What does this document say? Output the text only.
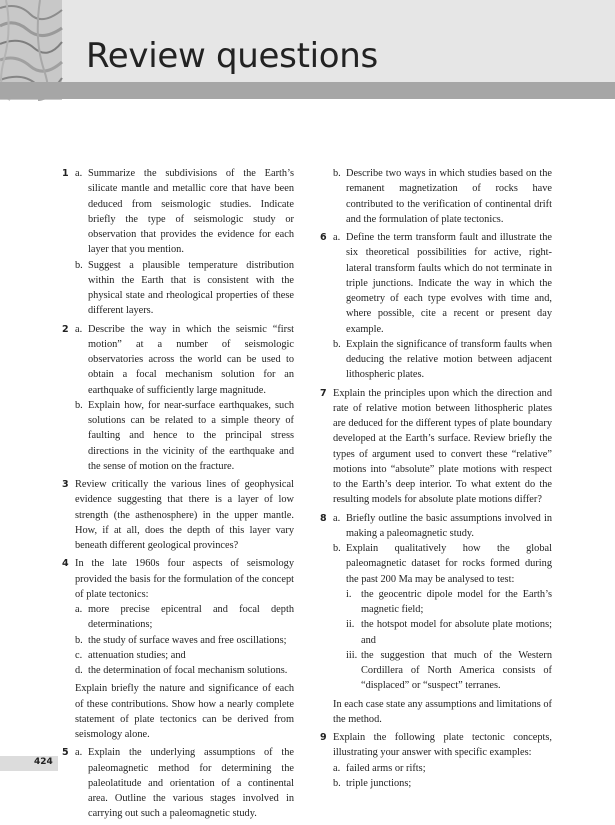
Review questions
1 a. Summarize the subdivisions of the Earth’s silicate mantle and metallic core that have been deduced from seismologic studies. Indicate briefly the type of seismologic study or observation that provides the evidence for each layer that you mention.
b. Suggest a plausible temperature distribution within the Earth that is consistent with the physical state and rheological properties of these different layers.
2 a. Describe the way in which the seismic “first motion” at a number of seismologic observatories across the world can be used to obtain a focal mechanism solution for an earthquake of sufficiently large magnitude.
b. Explain how, for near-surface earthquakes, such solutions can be related to a simple theory of faulting and hence to the principal stress directions in the vicinity of the earthquake and the sense of motion on the fracture.
3 Review critically the various lines of geophysical evidence suggesting that there is a layer of low strength (the asthenosphere) in the upper mantle. How, if at all, does the depth of this layer vary beneath different geological provinces?
4 In the late 1960s four aspects of seismology provided the basis for the formulation of the concept of plate tectonics:
a. more precise epicentral and focal depth determinations;
b. the study of surface waves and free oscillations;
c. attenuation studies; and
d. the determination of focal mechanism solutions.
Explain briefly the nature and significance of each of these contributions. Show how a nearly complete statement of plate tectonics can be derived from seismology alone.
5 a. Explain the underlying assumptions of the paleomagnetic method for determining the paleolatitude and orientation of a continental area. Outline the various stages involved in carrying out such a paleomagnetic study.
b. Describe two ways in which studies based on the remanent magnetization of rocks have contributed to the verification of continental drift and the formulation of plate tectonics.
6 a. Define the term transform fault and illustrate the six theoretical possibilities for active, right-lateral transform faults which do not terminate in triple junctions. Indicate the way in which the geometry of each type evolves with time and, where possible, cite a recent or present day example.
b. Explain the significance of transform faults when deducing the relative motion between adjacent lithospheric plates.
7 Explain the principles upon which the direction and rate of relative motion between lithospheric plates are deduced for the different types of plate boundary developed at the Earth’s surface. Review briefly the types of argument used to convert these “relative” motions into “absolute” plate motions with respect to the Earth’s deep interior. To what extent do the resulting models for absolute plate motions differ?
8 a. Briefly outline the basic assumptions involved in making a paleomagnetic study.
b. Explain qualitatively how the global paleomagnetic dataset for rocks formed during the past 200 Ma may be analysed to test:
i. the geocentric dipole model for the Earth’s magnetic field;
ii. the hotspot model for absolute plate motions; and
iii. the suggestion that much of the Western Cordillera of North America consists of “displaced” or “suspect” terranes.
In each case state any assumptions and limitations of the method.
9 Explain the following plate tectonic concepts, illustrating your answer with specific examples:
a. failed arms or rifts;
b. triple junctions;
424
